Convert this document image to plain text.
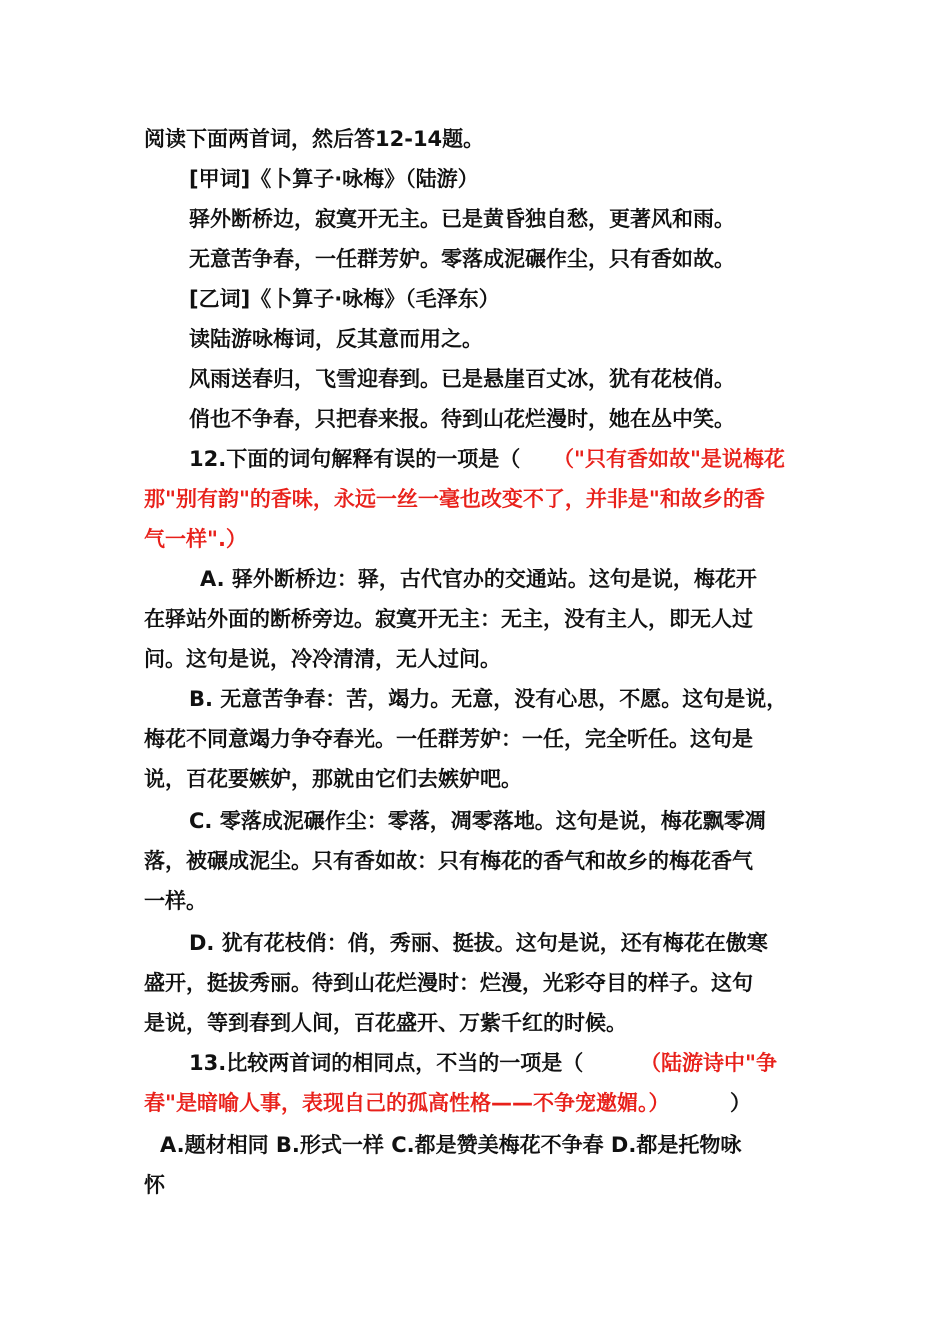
阅读下面两首词，然后答12-14题。
[甲词]《卜算子·咏梅》（陆游）
驿外断桥边，寂寞开无主。已是黄昏独自愁，更著风和雨。
无意苦争春，一任群芳妒。零落成泥碾作尘，只有香如故。
[乙词]《卜算子·咏梅》（毛泽东）
读陆游咏梅词，反其意而用之。
风雨送春归，飞雪迎春到。已是悬崖百丈冰，犹有花枝俏。
俏也不争春，只把春来报。待到山花烂漫时，她在丛中笑。
12.下面的词句解释有误的一项是（ （"只有香如故"是说梅花
那"别有韵"的香味，永远一丝一毫也改变不了，并非是"和故乡的香
气一样".）
A. 驿外断桥边：驿，古代官办的交通站。这句是说，梅花开
在驿站外面的断桥旁边。寂寞开无主：无主，没有主人，即无人过
问。这句是说，冷冷清清，无人过问。
B. 无意苦争春：苦，竭力。无意，没有心思，不愿。这句是说，
梅花不同意竭力争夺春光。一任群芳妒：一任，完全听任。这句是
说，百花要嫉妒，那就由它们去嫉妒吧。
C. 零落成泥碾作尘：零落，凋零落地。这句是说，梅花飘零凋
落，被碾成泥尘。只有香如故：只有梅花的香气和故乡的梅花香气
一样。
D. 犹有花枝俏：俏，秀丽、挺拔。这句是说，还有梅花在傲寒
盛开，挺拔秀丽。待到山花烂漫时：烂漫，光彩夺目的样子。这句
是说，等到春到人间，百花盛开、万紫千红的时候。
13.比较两首词的相同点，不当的一项是（	（陆游诗中"争
春"是暗喻人事，表现自己的孤高性格——不争宠邀媚。）	）
A.题材相同 B.形式一样 C.都是赞美梅花不争春 D.都是托物咏
怀
